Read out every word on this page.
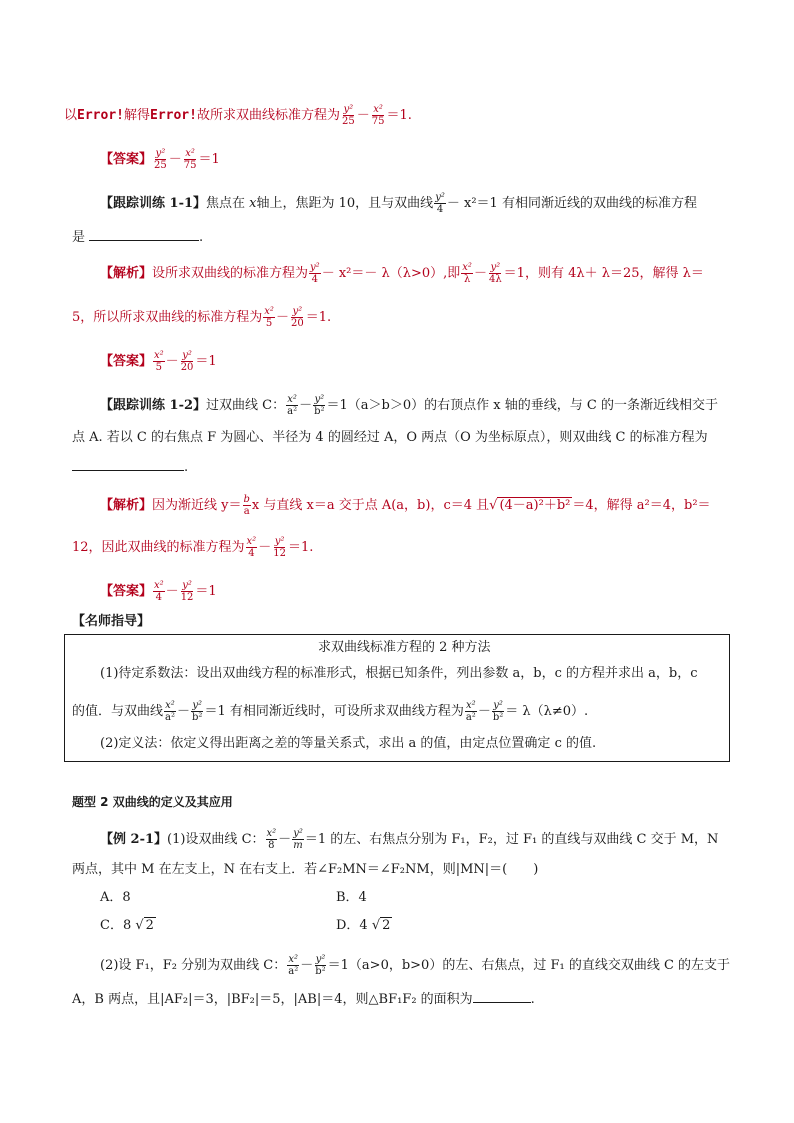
以Error!解得Error!故所求双曲线标准方程为 $\frac{\text{y²}}{25} - \frac{\text{x²}}{75} =1$.
【答案】 $\frac{\text{y²}}{25} - \frac{\text{x²}}{75} =1$
【跟踪训练 1-1】焦点在 x轴上，焦距为 10，且与双曲线 $\frac{\text{y²}}{4} - x^2=1$ 有相同渐近线的双曲线的标准方程
是	.
【解析】设所求双曲线的标准方程为 $\frac{\text{y²}}{4} - x^2=- \lambda(\lambda>0)$,即 $\frac{\text{x²}}{\lambda} - \frac{\text{y²}}{4\lambda} =1$，则有 4λ＋ λ＝25，解得 λ＝
5，所以所求双曲线的标准方程为 $\frac{\text{x²}}{5} - \frac{\text{y²}}{20} =1$.
【答案】 $\frac{\text{x²}}{5} - \frac{\text{y²}}{20} =1$
【跟踪训练 1-2】过双曲线 C： $\frac{\text{x²}}{\text{a²}} - \frac{\text{y²}}{\text{b²}} =1(a>b>0)$的右顶点作 x 轴的垂线，与 C 的一条渐近线相交于
点 A. 若以 C 的右焦点 F 为圆心、半径为 4 的圆经过 A，O 两点（O 为坐标原点），则双曲线 C 的标准方程为
.
【解析】因为渐近线 $y= \frac{b}{a}$ x 与直线 x＝a 交于点 A(a，b)，c＝4 且√ (4－a)²＋b² ＝4，解得 a²＝4，b²＝
12，因此双曲线的标准方程为 $\frac{\text{x²}}{4} - \frac{\text{y²}}{12} =1$.
【答案】 $\frac{\text{x²}}{4} - \frac{\text{y²}}{12} =1$
【名师指导】
求双曲线标准方程的 2 种方法
(1)待定系数法：设出双曲线方程的标准形式，根据已知条件，列出参数 a，b，c 的方程并求出 a，b，c
的值．与双曲线 $\frac{\text{x²}}{\text{a²}} - \frac{\text{y²}}{\text{b²}} =1$ 有相同渐近线时，可设所求双曲线方程为 $\frac{\text{x²}}{\text{a²}} - \frac{\text{y²}}{\text{b²}} = \lambda(\lambda\ne 0)$.
(2)定义法：依定义得出距离之差的等量关系式，求出 a 的值，由定点位置确定 c 的值.
题型 2 双曲线的定义及其应用
【例 2-1】(1)设双曲线 C： $\frac{\text{x²}}{8} - \frac{\text{y²}}{m} =1$ 的左、右焦点分别为 F₁，F₂，过 F₁ 的直线与双曲线 C 交于 M，N
两点，其中 M 在左支上，N 在右支上．若∠F₂MN＝∠F₂NM，则|MN|＝(　　)
A．8	B．4
C．8 √ 2	D．4 √ 2
(2)设 F₁，F₂ 分别为双曲线 C： $\frac{\text{x²}}{\text{a²}} - \frac{\text{y²}}{\text{b²}} =1(a>0$，b>0）的左、右焦点，过 F₁ 的直线交双曲线 C 的左支于
A，B 两点，且|AF₂|＝3，|BF₂|＝5，|AB|＝4，则△BF₁F₂ 的面积为	.
